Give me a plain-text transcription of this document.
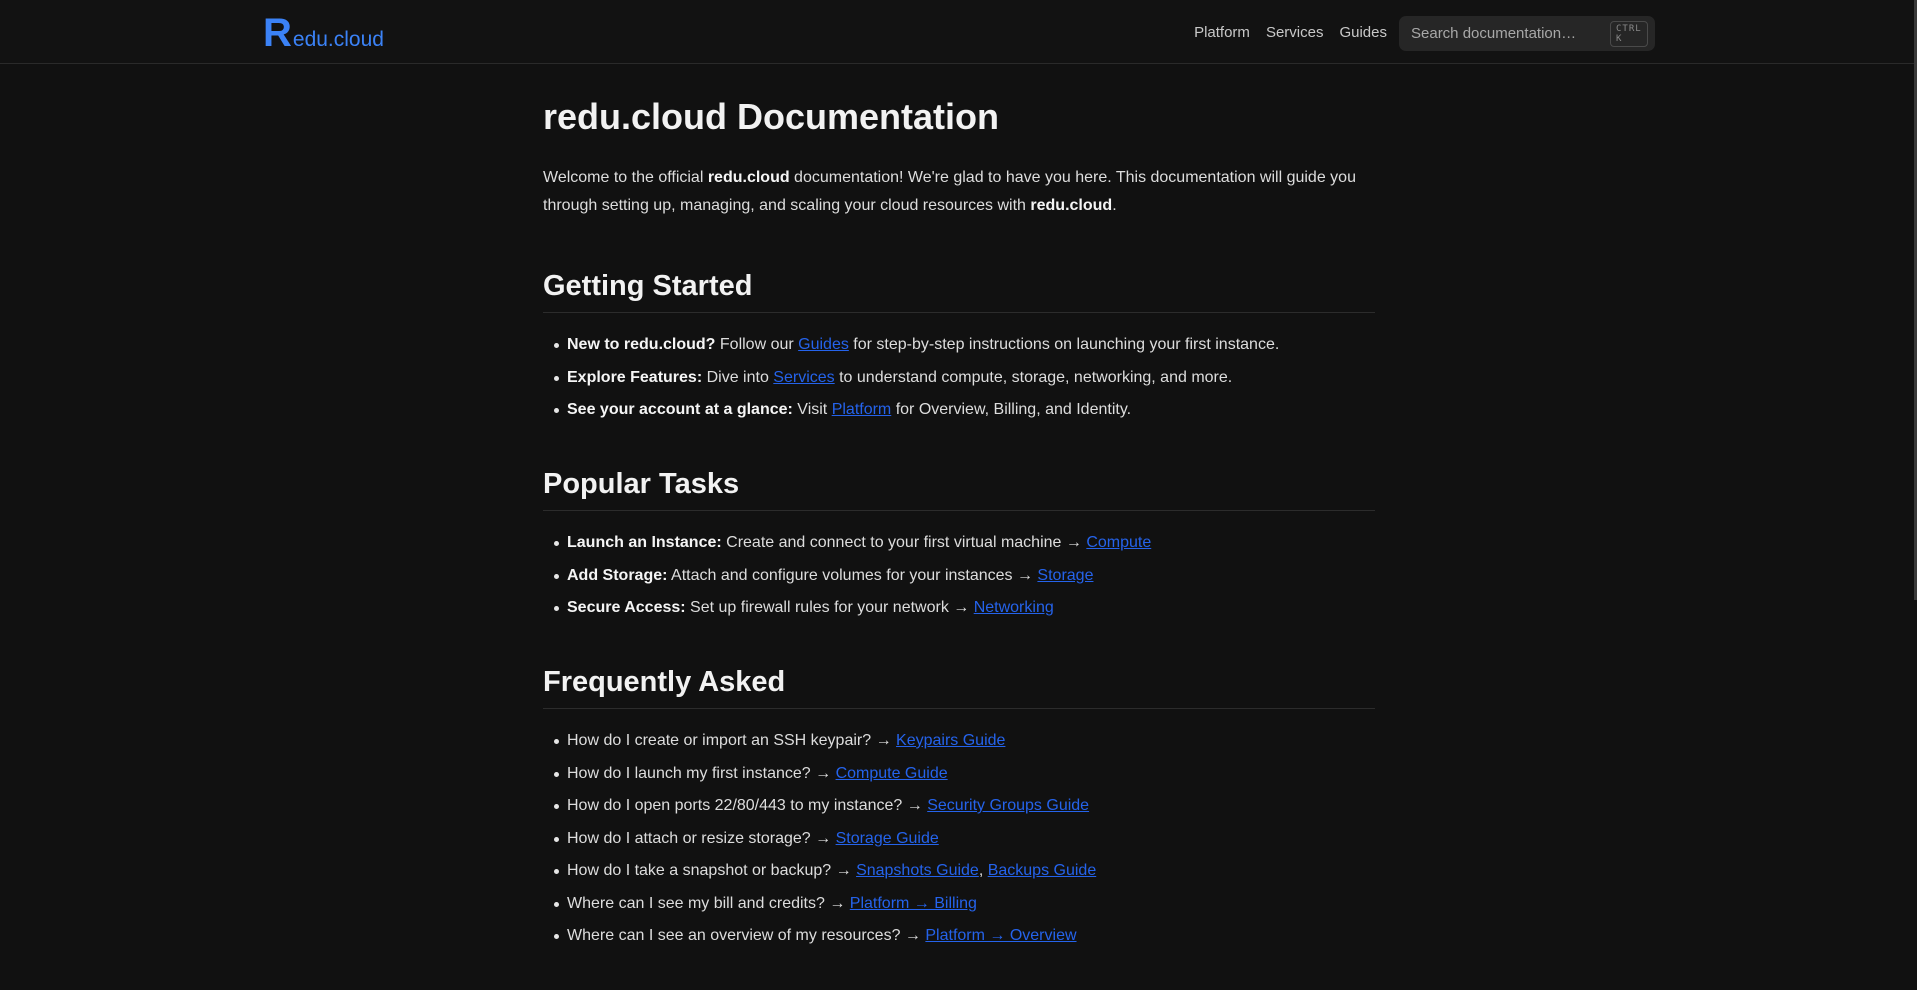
R edu.cloud	Platform Services Guides
Search documentation…	CTRL K
redu.cloud Documentation

Welcome to the official redu.cloud documentation! We're glad to have you here. This documentation will guide you through setting up, managing, and scaling your cloud resources with redu.cloud.

Getting Started
New to redu.cloud? Follow our Guides for step-by-step instructions on launching your first instance.
Explore Features: Dive into Services to understand compute, storage, networking, and more.
See your account at a glance: Visit Platform for Overview, Billing, and Identity.
Popular Tasks
Launch an Instance: Create and connect to your first virtual machine → Compute
Add Storage: Attach and configure volumes for your instances → Storage
Secure Access: Set up firewall rules for your network → Networking
Frequently Asked
How do I create or import an SSH keypair? → Keypairs Guide
How do I launch my first instance? → Compute Guide
How do I open ports 22/80/443 to my instance? → Security Groups Guide
How do I attach or resize storage? → Storage Guide
How do I take a snapshot or backup? → Snapshots Guide, Backups Guide
Where can I see my bill and credits? → Platform → Billing
Where can I see an overview of my resources? → Platform → Overview
